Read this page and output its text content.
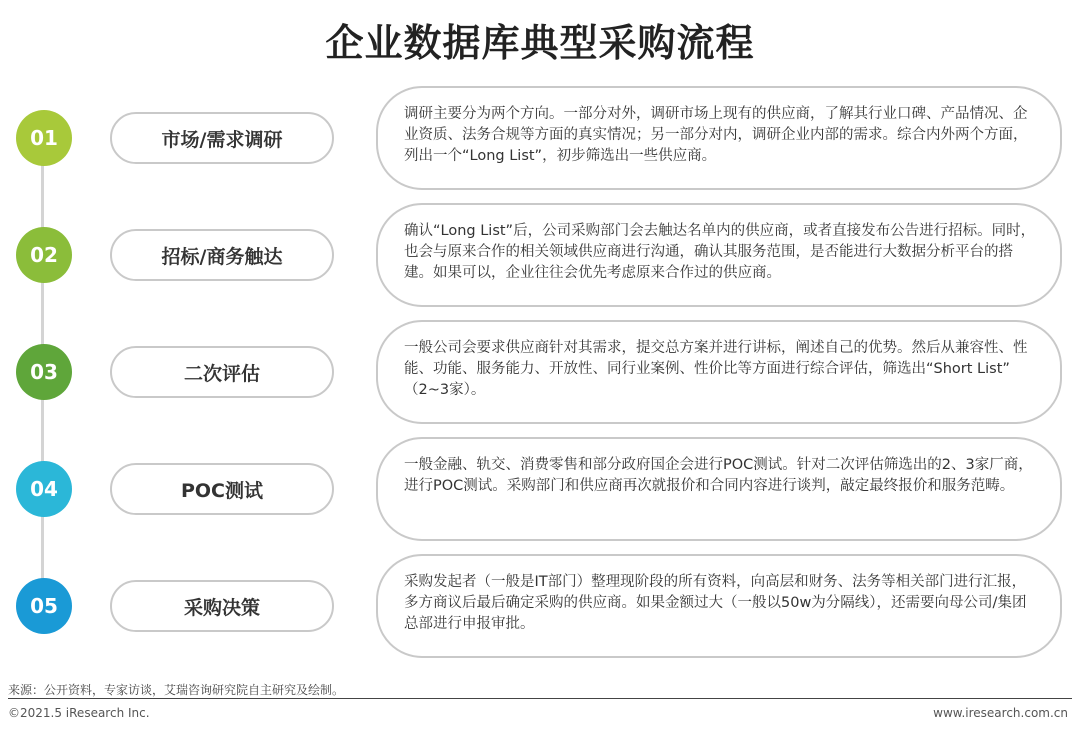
企业数据库典型采购流程
01	市场/需求调研
调研主要分为两个方向。一部分对外，调研市场上现有的供应商，了解其行业口碑、产品情况、企业资质、法务合规等方面的真实情况；另一部分对内，调研企业内部的需求。综合内外两个方面，列出一个“Long List”，初步筛选出一些供应商。
02	招标/商务触达
确认“Long List”后，公司采购部门会去触达名单内的供应商，或者直接发布公告进行招标。同时，也会与原来合作的相关领域供应商进行沟通，确认其服务范围，是否能进行大数据分析平台的搭建。如果可以，企业往往会优先考虑原来合作过的供应商。
03	二次评估
一般公司会要求供应商针对其需求，提交总方案并进行讲标，阐述自己的优势。然后从兼容性、性能、功能、服务能力、开放性、同行业案例、性价比等方面进行综合评估，筛选出“Short List” （2~3家）。
04	POC测试
一般金融、轨交、消费零售和部分政府国企会进行POC测试。针对二次评估筛选出的2、3家厂商，进行POC测试。采购部门和供应商再次就报价和合同内容进行谈判，敲定最终报价和服务范畴。
05	采购决策
采购发起者（一般是IT部门）整理现阶段的所有资料，向高层和财务、法务等相关部门进行汇报，多方商议后最后确定采购的供应商。如果金额过大（一般以50w为分隔线），还需要向母公司/集团总部进行申报审批。
来源：公开资料，专家访谈，艾瑞咨询研究院自主研究及绘制。
©2021.5 iResearch Inc.	www.iresearch.com.cn
